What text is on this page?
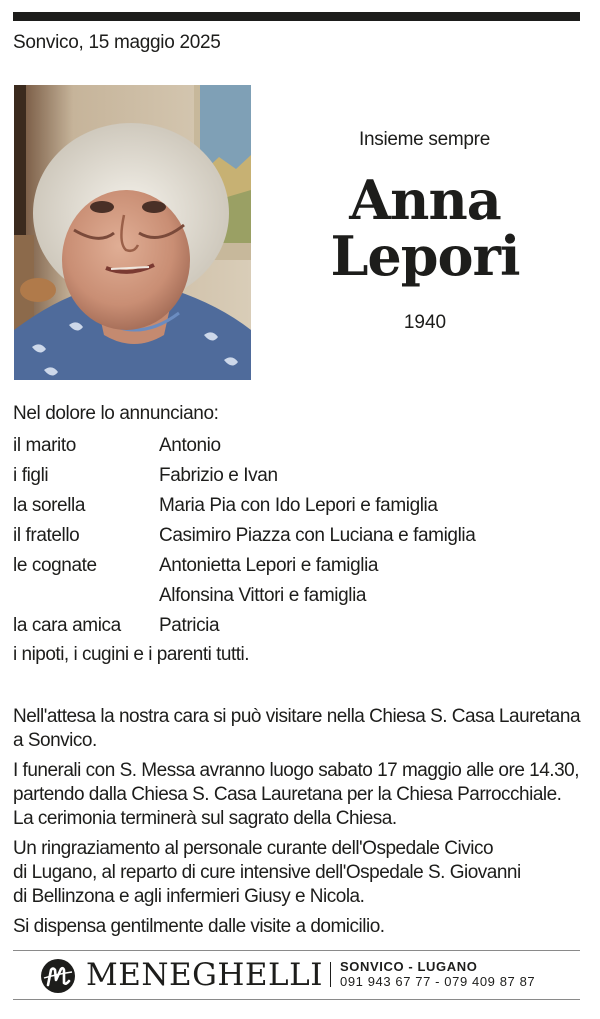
Sonvico, 15 maggio 2025
Insieme sempre
Anna
Lepori
1940
Nel dolore lo annunciano:
il marito	Antonio
i figli	Fabrizio e Ivan
la sorella	Maria Pia con Ido Lepori e famiglia
il fratello	Casimiro Piazza con Luciana e famiglia
le cognate	Antonietta Lepori e famiglia
Alfonsina Vittori e famiglia
la cara amica	Patricia
i nipoti, i cugini e i parenti tutti.

Nell'attesa la nostra cara si può visitare nella Chiesa S. Casa Lauretana
a Sonvico.

I funerali con S. Messa avranno luogo sabato 17 maggio alle ore 14.30,
partendo dalla Chiesa S. Casa Lauretana per la Chiesa Parrocchiale.
La cerimonia terminerà sul sagrato della Chiesa.

Un ringraziamento al personale curante dell'Ospedale Civico
di Lugano, al reparto di cure intensive dell'Ospedale S. Giovanni
di Bellinzona e agli infermieri Giusy e Nicola.

Si dispensa gentilmente dalle visite a domicilio.

MENEGHELLI SONVICO - LUGANO
091 943 67 77 - 079 409 87 87
